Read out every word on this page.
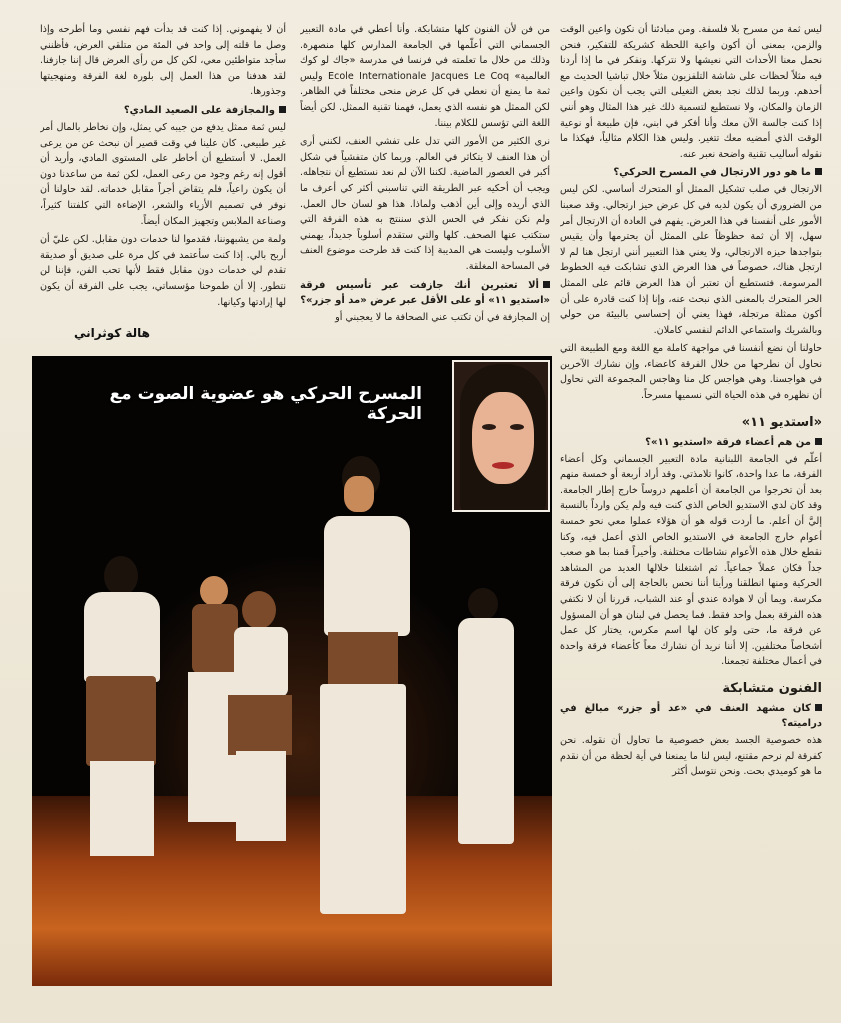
ليس ثمة من مسرح بلا فلسفة. ومن مبادئنا أن نكون واعين الوقت والزمن، بمعنى أن أكون واعية اللحظة كشريكة للتفكير، فنحن نحمل معنا الأحداث التي نعيشها ولا نتركها. ونفكر في ما إذا أردنا فيه مثلاً لحظات على شاشة التلفزيون مثلاً خلال تباشيا الحديث مع أحدهم. وربما لذلك نجد بعض التغيلى التي يجب أن نكون واعين الزمان والمكان، ولا نستطيع لتسمية ذلك غير هذا المثال وهو أنني إذا كنت جالسة الآن معك وأنا أفكر في ابني، فإن طبيعة أو نوعية الوقت الذي أمضيه معك تتغير. وليس هذا الكلام مثالياً، فهكذا ما نقوله أساليب تقنية واضحة نعبر عنه.

ما هو دور الارتجال في المسرح الحركي؟

الارتجال في صلب تشكيل الممثل أو المتحرك أساسي. لكن ليس من الضروري أن يكون لديه في كل عرض حيز ارتجالي. وقد صعبنا الأمور على أنفسنا في هذا العرض. يفهم في العادة أن الارتجال أمر سهل، إلا أن ثمة حظوظاً على الممثل أن يحترمها وأن يقيس بتواجدها حيزه الارتجالي، ولا يعني هذا التعبير أنني ارتجل هنا لم لا ارتجل هناك، خصوصاً في هذا العرض الذي تشابكت فيه الخطوط المرسومة. فتستطيع أن تعتبر أن هذا العرض قائم على الممثل الحر المتحرك بالمعنى الذي نبحث عنه، وإنا إذا كنت قادرة على أن أكون ممثلة مرتجلة، فهذا يعني أن إحساسي بالبيئة من حولي وبالشريك واستماعي الدائم لنفسي كاملان.

حاولنا أن نضع أنفسنا في مواجهة كاملة مع اللغة ومع الطبيعة التي نحاول أن نطرحها من خلال الفرقة كاعضاء، وإن نشارك الآخرين في هواجسنا. وهي هواجس كل منا وهاجس المجموعة التي نحاول أن نظهره في هذه الحياة التي نسميها مسرحاً.

«استديو ١١»
من هم أعضاء فرقة «استديو ١١»؟

أعلّم في الجامعة اللبنانية مادة التعبير الجسماني وكل أعضاء الفرقة، ما عدا واحدة، كانوا تلامذتي. وقد أراد أربعة أو خمسة منهم بعد أن تخرجوا من الجامعة أن أعلمهم دروساً خارج إطار الجامعة. وقد كان لدي الاستديو الخاص الذي كنت فيه ولم يكن وارداً بالنسبة إليَّ أن أعلم. ما أردت قوله هو أن هؤلاء عملوا معي نحو خمسة أعوام خارج الجامعة في الاستديو الخاص الذي أعمل فيه، وكنا نقطع خلال هذه الأعوام نشاطات مختلفة. وأخيراً قمنا بما هو صعب جداً فكان عملاً جماعياً. ثم اشتغلنا خلالها العديد من المشاهد الحركية ومنها انطلقنا ورأينا أننا نحس بالحاجة إلى أن نكون فرقة مكرسة. ويما أن لا هوادة عندي أو عند الشباب، قررنا أن لا نكتفي هذه الفرقة بعمل واحد فقط. فما يحصل في لبنان هو أن المسؤول عن فرقة ما، حتى ولو كان لها اسم مكرس، يختار كل عمل أشخاصاً مختلفين. إلا أننا نريد أن نشارك معاً كأعضاء فرقة واحدة في أعمال مختلفة تجمعنا.

الفنون متشابكة
كان مشهد العنف في «عد أو جزر» مبالغ في دراميته؟

هذه خصوصية الجسد بعض خصوصية ما تحاول أن نقوله. نحن كفرقة لم نرحم مقتنع، ليس لنا ما يمنعنا في أية لحظة من أن نقدم ما هو كوميدي بحت. ونحن نتوسل أكثر

من فن لأن الفنون كلها متشابكة. وأنا أعطي في مادة التعبير الجسماني التي أعلّمها في الجامعة المدارس كلها منصهرة. وذلك من خلال ما تعلمته في فرنسا في مدرسة «جاك لو كوك العالمية» Ecole Internationale Jacques Le Coq وليس ثمة ما يمنع أن نعطي في كل عرض منحى مختلفاً في الظاهر. لكن الممثل هو نفسه الذي يعمل، فهمنا تقنية الممثل. لكن أيضاً اللغة التي تؤسس للكلام بيننا.

نرى الكثير من الأمور التي تدل على تفشي العنف، لكنني أرى أن هذا العنف لا يتكاثر في العالم. وربما كان متفشياً في شكل أكبر في العصور الماضية. لكننا الآن لم نعد نستطيع أن نتجاهله. ويجب أن أحكيه عبر الطريقة التي تناسبني أكثر كي أعرف ما الذي أريده وإلى أين أذهب ولماذا. هذا هو لسان حال العمل. ولم نكن نفكر في الحس الذي سننتج به هذه الفرقة التي ستكتب عنها الصحف. كلها والتي ستقدم أسلوباً جديداً، يهمني الأسلوب وليست هي المديبة إذا كنت قد طرحت موضوع العنف في المساحة المغلقة.

ألا تعتبرين أنك جازفت عبر تأسيس فرقة «استديو ١١» أو على الأقل عبر عرض «مد أو جزر»؟

إن المجازفة في أن تكتب عني الصحافة ما لا يعجبني أو

أن لا يفهموني. إذا كنت قد بدأت فهم نفسي وما أطرحه وإذا وصل ما قلته إلى واحد في المئة من متلقي العرض، فأظنني سأجد متواطئين معي، لكن كل من رأى العرض قال إننا جازفنا. لقد هدفنا من هذا العمل إلى بلورة لغة الفرقة ومنهجيتها وجذورها.

والمجازفة على الصعيد المادي؟

ليس ثمة ممثل يدفع من جيبه كي يمثل، وإن نخاطر بالمال أمر غير طبيعي. كان علينا في وقت قصير أن نبحث عن من يرعى العمل. لا أستطيع أن أخاطر على المستوى المادي، وأريد أن أقول إنه رغم وجود من رعى العمل، لكن ثمة من ساعدنا دون أن يكون راعياً، فلم يتقاض أجراً مقابل خدماته. لقد حاولنا أن نوفر في تصميم الأزياء والشعر، الإضاءة التي كلفتنا كثيراً، وصناعة الملابس وتجهيز المكان أيضاً.

ولمة من يشبهوننا، فقدموا لنا خدمات دون مقابل. لكن عليّ أن أربح بالي. إذا كنت سأعتمد في كل مرة على صديق أو صديقة تقدم لي خدمات دون مقابل فقط لأنها تحب الفن، فإننا لن نتطور. إلا أن طموحنا مؤسساتي، يجب على الفرقة أن يكون لها إرادتها وكيانها.

هالة كوثراني
المسرح الحركي هو عضوية الصوت مع الحركة
